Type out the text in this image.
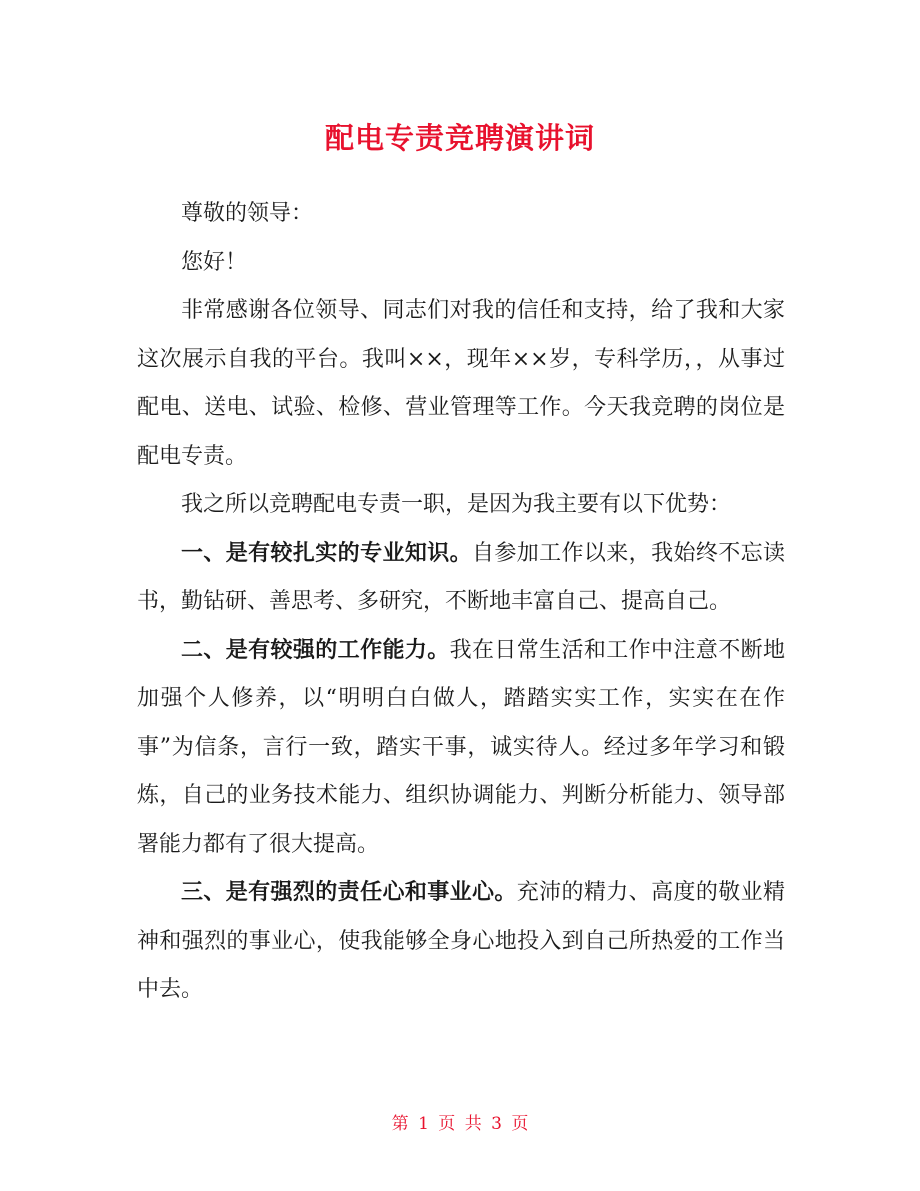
配电专责竞聘演讲词

尊敬的领导：

您好！

非常感谢各位领导、同志们对我的信任和支持，给了我和大家这次展示自我的平台。我叫××，现年××岁，专科学历，，从事过配电、送电、试验、检修、营业管理等工作。今天我竞聘的岗位是配电专责。

我之所以竞聘配电专责一职，是因为我主要有以下优势：

一、是有较扎实的专业知识。自参加工作以来，我始终不忘读书，勤钻研、善思考、多研究，不断地丰富自己、提高自己。

二、是有较强的工作能力。我在日常生活和工作中注意不断地加强个人修养，以“明明白白做人，踏踏实实工作，实实在在作事”为信条，言行一致，踏实干事，诚实待人。经过多年学习和锻炼，自己的业务技术能力、组织协调能力、判断分析能力、领导部署能力都有了很大提高。

三、是有强烈的责任心和事业心。充沛的精力、高度的敬业精神和强烈的事业心，使我能够全身心地投入到自己所热爱的工作当中去。

第 1 页 共 3 页
